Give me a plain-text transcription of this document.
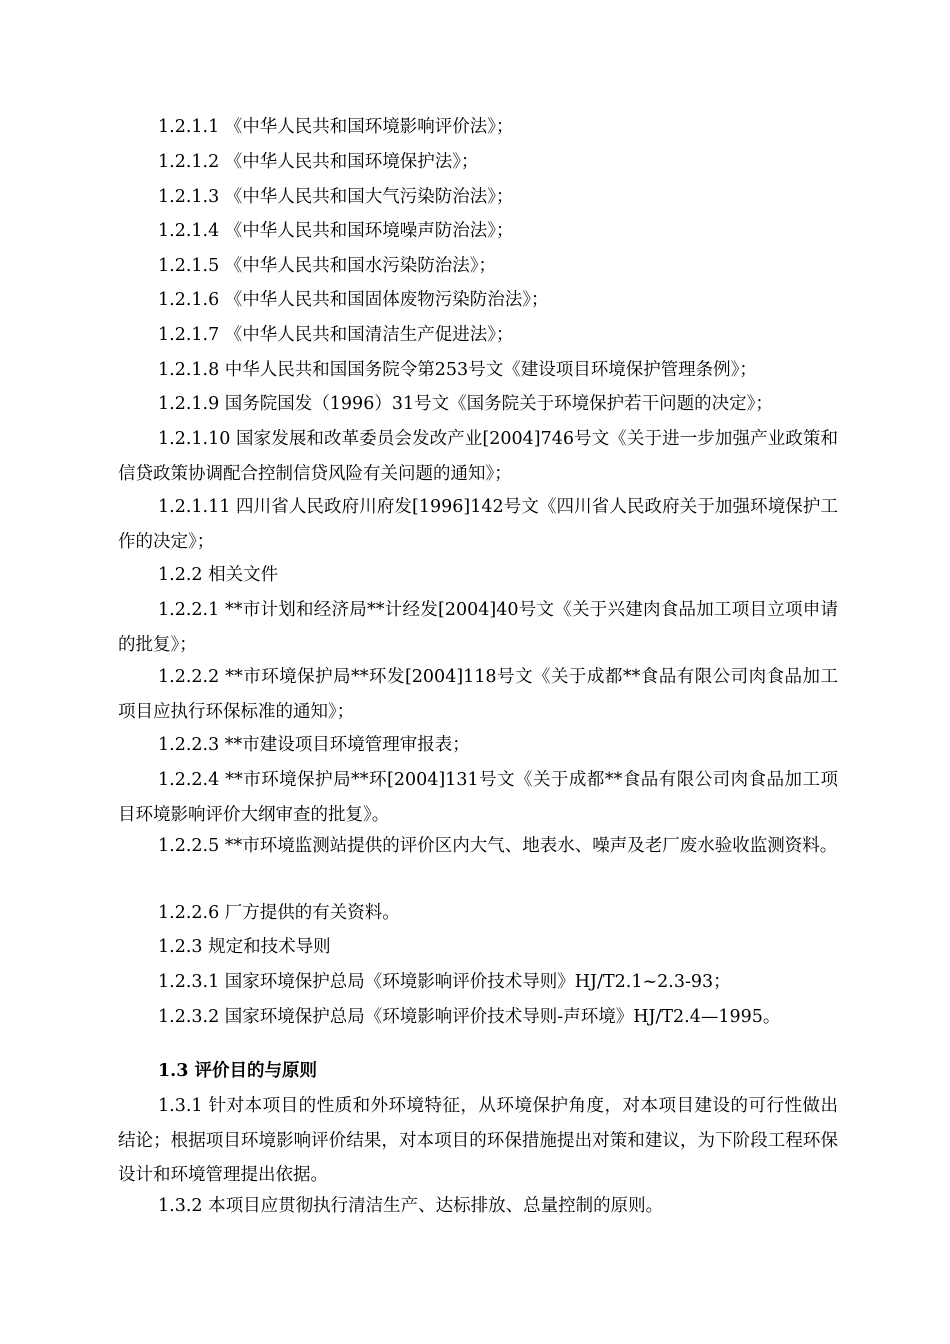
1.2.1.1 《中华人民共和国环境影响评价法》；

1.2.1.2 《中华人民共和国环境保护法》；

1.2.1.3 《中华人民共和国大气污染防治法》；

1.2.1.4 《中华人民共和国环境噪声防治法》；

1.2.1.5 《中华人民共和国水污染防治法》；

1.2.1.6 《中华人民共和国固体废物污染防治法》；

1.2.1.7 《中华人民共和国清洁生产促进法》；

1.2.1.8 中华人民共和国国务院令第253号文《建设项目环境保护管理条例》；

1.2.1.9 国务院国发（1996）31号文《国务院关于环境保护若干问题的决定》；

1.2.1.10 国家发展和改革委员会发改产业[2004]746号文《关于进一步加强产业政策和信贷政策协调配合控制信贷风险有关问题的通知》；

1.2.1.11 四川省人民政府川府发[1996]142号文《四川省人民政府关于加强环境保护工作的决定》；

1.2.2 相关文件

1.2.2.1 **市计划和经济局**计经发[2004]40号文《关于兴建肉食品加工项目立项申请的批复》；

1.2.2.2 **市环境保护局**环发[2004]118号文《关于成都**食品有限公司肉食品加工项目应执行环保标准的通知》；

1.2.2.3 **市建设项目环境管理审报表；

1.2.2.4 **市环境保护局**环[2004]131号文《关于成都**食品有限公司肉食品加工项目环境影响评价大纲审查的批复》。

1.2.2.5 **市环境监测站提供的评价区内大气、地表水、噪声及老厂废水验收监测资料。

1.2.2.6 厂方提供的有关资料。

1.2.3 规定和技术导则

1.2.3.1 国家环境保护总局《环境影响评价技术导则》HJ/T2.1~2.3-93；

1.2.3.2 国家环境保护总局《环境影响评价技术导则-声环境》HJ/T2.4—1995。

1.3 评价目的与原则

1.3.1 针对本项目的性质和外环境特征，从环境保护角度，对本项目建设的可行性做出结论；根据项目环境影响评价结果，对本项目的环保措施提出对策和建议，为下阶段工程环保设计和环境管理提出依据。

1.3.2 本项目应贯彻执行清洁生产、达标排放、总量控制的原则。
